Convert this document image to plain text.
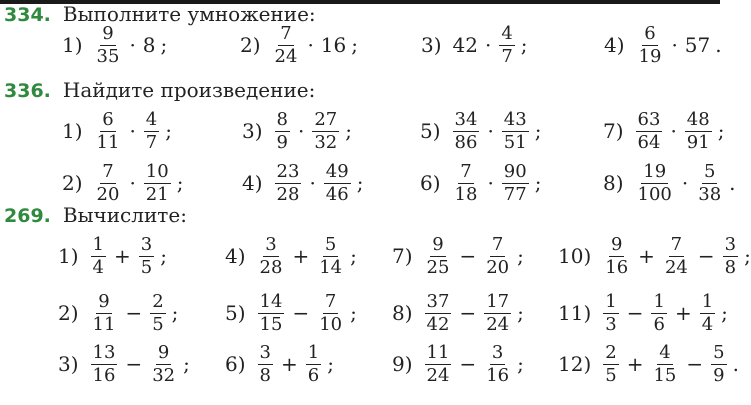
334. Выполните умножение:
$1) \frac{9}{35} \cdot 8$ ;	$2) \frac{7}{24} \cdot 16$ ;	3) $42 \cdot \frac{4}{7}$ ;	$4) \frac{6}{19} \cdot 57$ .
336. Найдите произведение:
$1) \frac{6}{11} \cdot \frac{4}{7}$ ;	$3) \frac{8}{9} \cdot \frac{27}{32}$ ;	$5) \frac{34}{86} \cdot \frac{43}{51}$ ;	$7) \frac{63}{64} \cdot \frac{48}{91}$ ;
$2) \frac{7}{20} \cdot \frac{10}{21}$ ;	$4) \frac{23}{28} \cdot \frac{49}{46}$ ;	$6) \frac{7}{18} \cdot \frac{90}{77}$ ;	$8) \frac{19}{100} \cdot \frac{5}{38}$ .
269. Вычислите:
$1) \frac{1}{4} + \frac{3}{5}$ ;	$4) \frac{3}{28} + \frac{5}{14}$ ; $7) \frac{9}{25} - \frac{7}{20}$ ; $10) \frac{9}{16} + \frac{7}{24} - \frac{3}{8}$ ;
$2) \frac{9}{11} - \frac{2}{5}$ ; $5) \frac{14}{15} - \frac{7}{10}$ ; $8) \frac{37}{42} - \frac{17}{24}$ ; $11) \frac{1}{3} - \frac{1}{6} + \frac{1}{4}$ ;
$3) \frac{13}{16} - \frac{9}{32}$ ; $6) \frac{3}{8} + \frac{1}{6}$ ;	$9) \frac{11}{24} - \frac{3}{16}$ ; $12) \frac{2}{5} + \frac{4}{15} - \frac{5}{9}$ .
